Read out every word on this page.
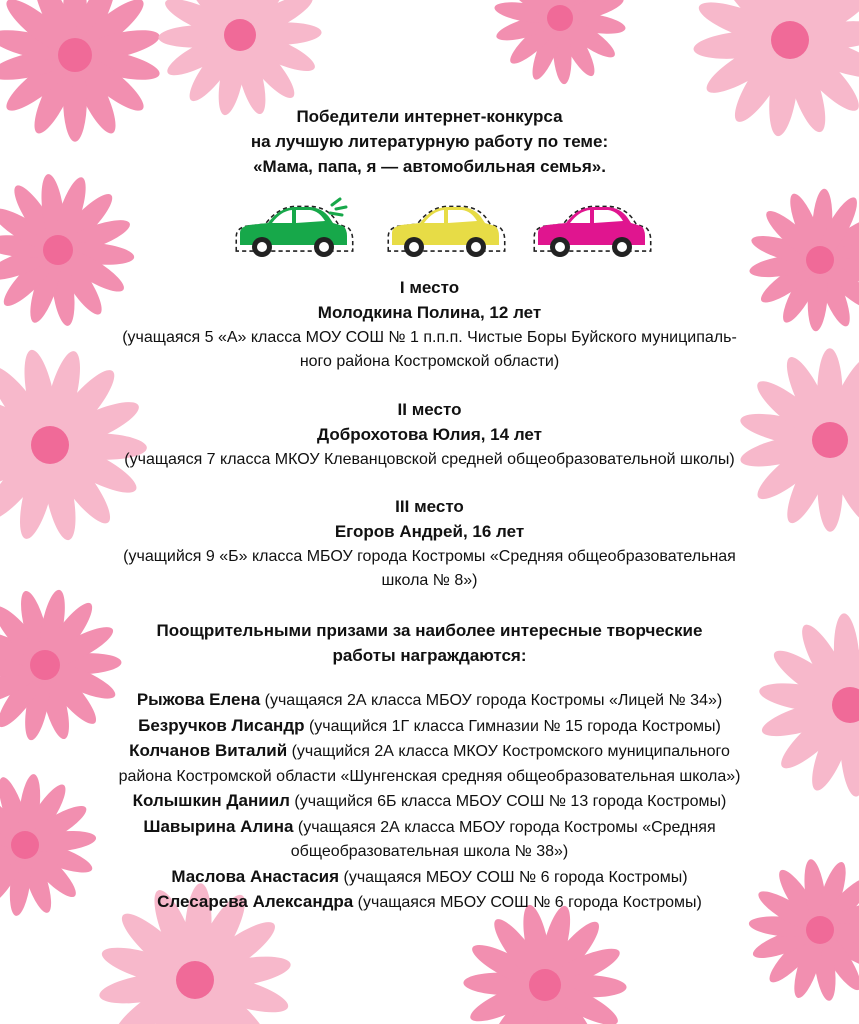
Победители интернет-конкурса
на лучшую литературную работу по теме:
«Мама, папа, я — автомобильная семья».
I место
Молодкина Полина, 12 лет
(учащаяся 5 «А» класса МОУ СОШ № 1 п.п.п. Чистые Боры Буйского муниципаль-
ного района Костромской области)
II место
Доброхотова Юлия, 14 лет
(учащаяся 7 класса МКОУ Клеванцовской средней общеобразовательной школы)
III место
Егоров Андрей, 16 лет
(учащийся 9 «Б» класса МБОУ города Костромы «Средняя общеобразовательная
школа № 8»)
Поощрительными призами за наиболее интересные творческие
работы награждаются:
Рыжова Елена (учащаяся 2А класса МБОУ города Костромы «Лицей № 34»)
Безручков Лисандр (учащийся 1Г класса Гимназии № 15 города Костромы)
Колчанов Виталий (учащийся 2А класса МКОУ Костромского муниципального
района Костромской области «Шунгенская средняя общеобразовательная школа»)
Колышкин Даниил (учащийся 6Б класса МБОУ СОШ № 13 города Костромы)
Шавырина Алина (учащаяся 2А класса МБОУ города Костромы «Средняя
общеобразовательная школа № 38»)
Маслова Анастасия (учащаяся МБОУ СОШ № 6 города Костромы)
Слесарева Александра (учащаяся МБОУ СОШ № 6 города Костромы)
